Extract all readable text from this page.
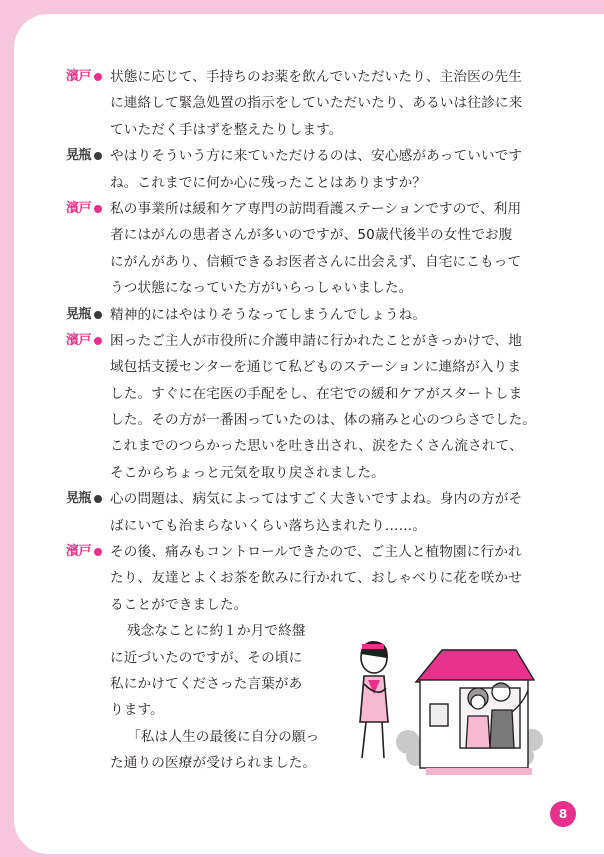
濱戸 状態に応じて、手持ちのお薬を飲んでいただいたり、主治医の先生
に連絡して緊急処置の指示をしていただいたり、あるいは往診に来
ていただく手はずを整えたりします。
晃瓶 やはりそういう方に来ていただけるのは、安心感があっていいです
ね。これまでに何か心に残ったことはありますか？
濱戸 私の事業所は緩和ケア専門の訪問看護ステーションですので、利用
者にはがんの患者さんが多いのですが、50歳代後半の女性でお腹
にがんがあり、信頼できるお医者さんに出会えず、自宅にこもって
うつ状態になっていた方がいらっしゃいました。
晃瓶 精神的にはやはりそうなってしまうんでしょうね。
濱戸 困ったご主人が市役所に介護申請に行かれたことがきっかけで、地
域包括支援センターを通じて私どものステーションに連絡が入りま
した。すぐに在宅医の手配をし、在宅での緩和ケアがスタートしま
した。その方が一番困っていたのは、体の痛みと心のつらさでした。
これまでのつらかった思いを吐き出され、涙をたくさん流されて、
そこからちょっと元気を取り戻されました。
晃瓶 心の問題は、病気によってはすごく大きいですよね。身内の方がそ
ばにいても治まらないくらい落ち込まれたり……。
濱戸 その後、痛みもコントロールできたので、ご主人と植物園に行かれ
たり、友達とよくお茶を飲みに行かれて、おしゃべりに花を咲かせ
ることができました。
残念なことに約１か月で終盤
に近づいたのですが、その頃に
私にかけてくださった言葉があ
ります。
「私は人生の最後に自分の願っ
た通りの医療が受けられました。
8
